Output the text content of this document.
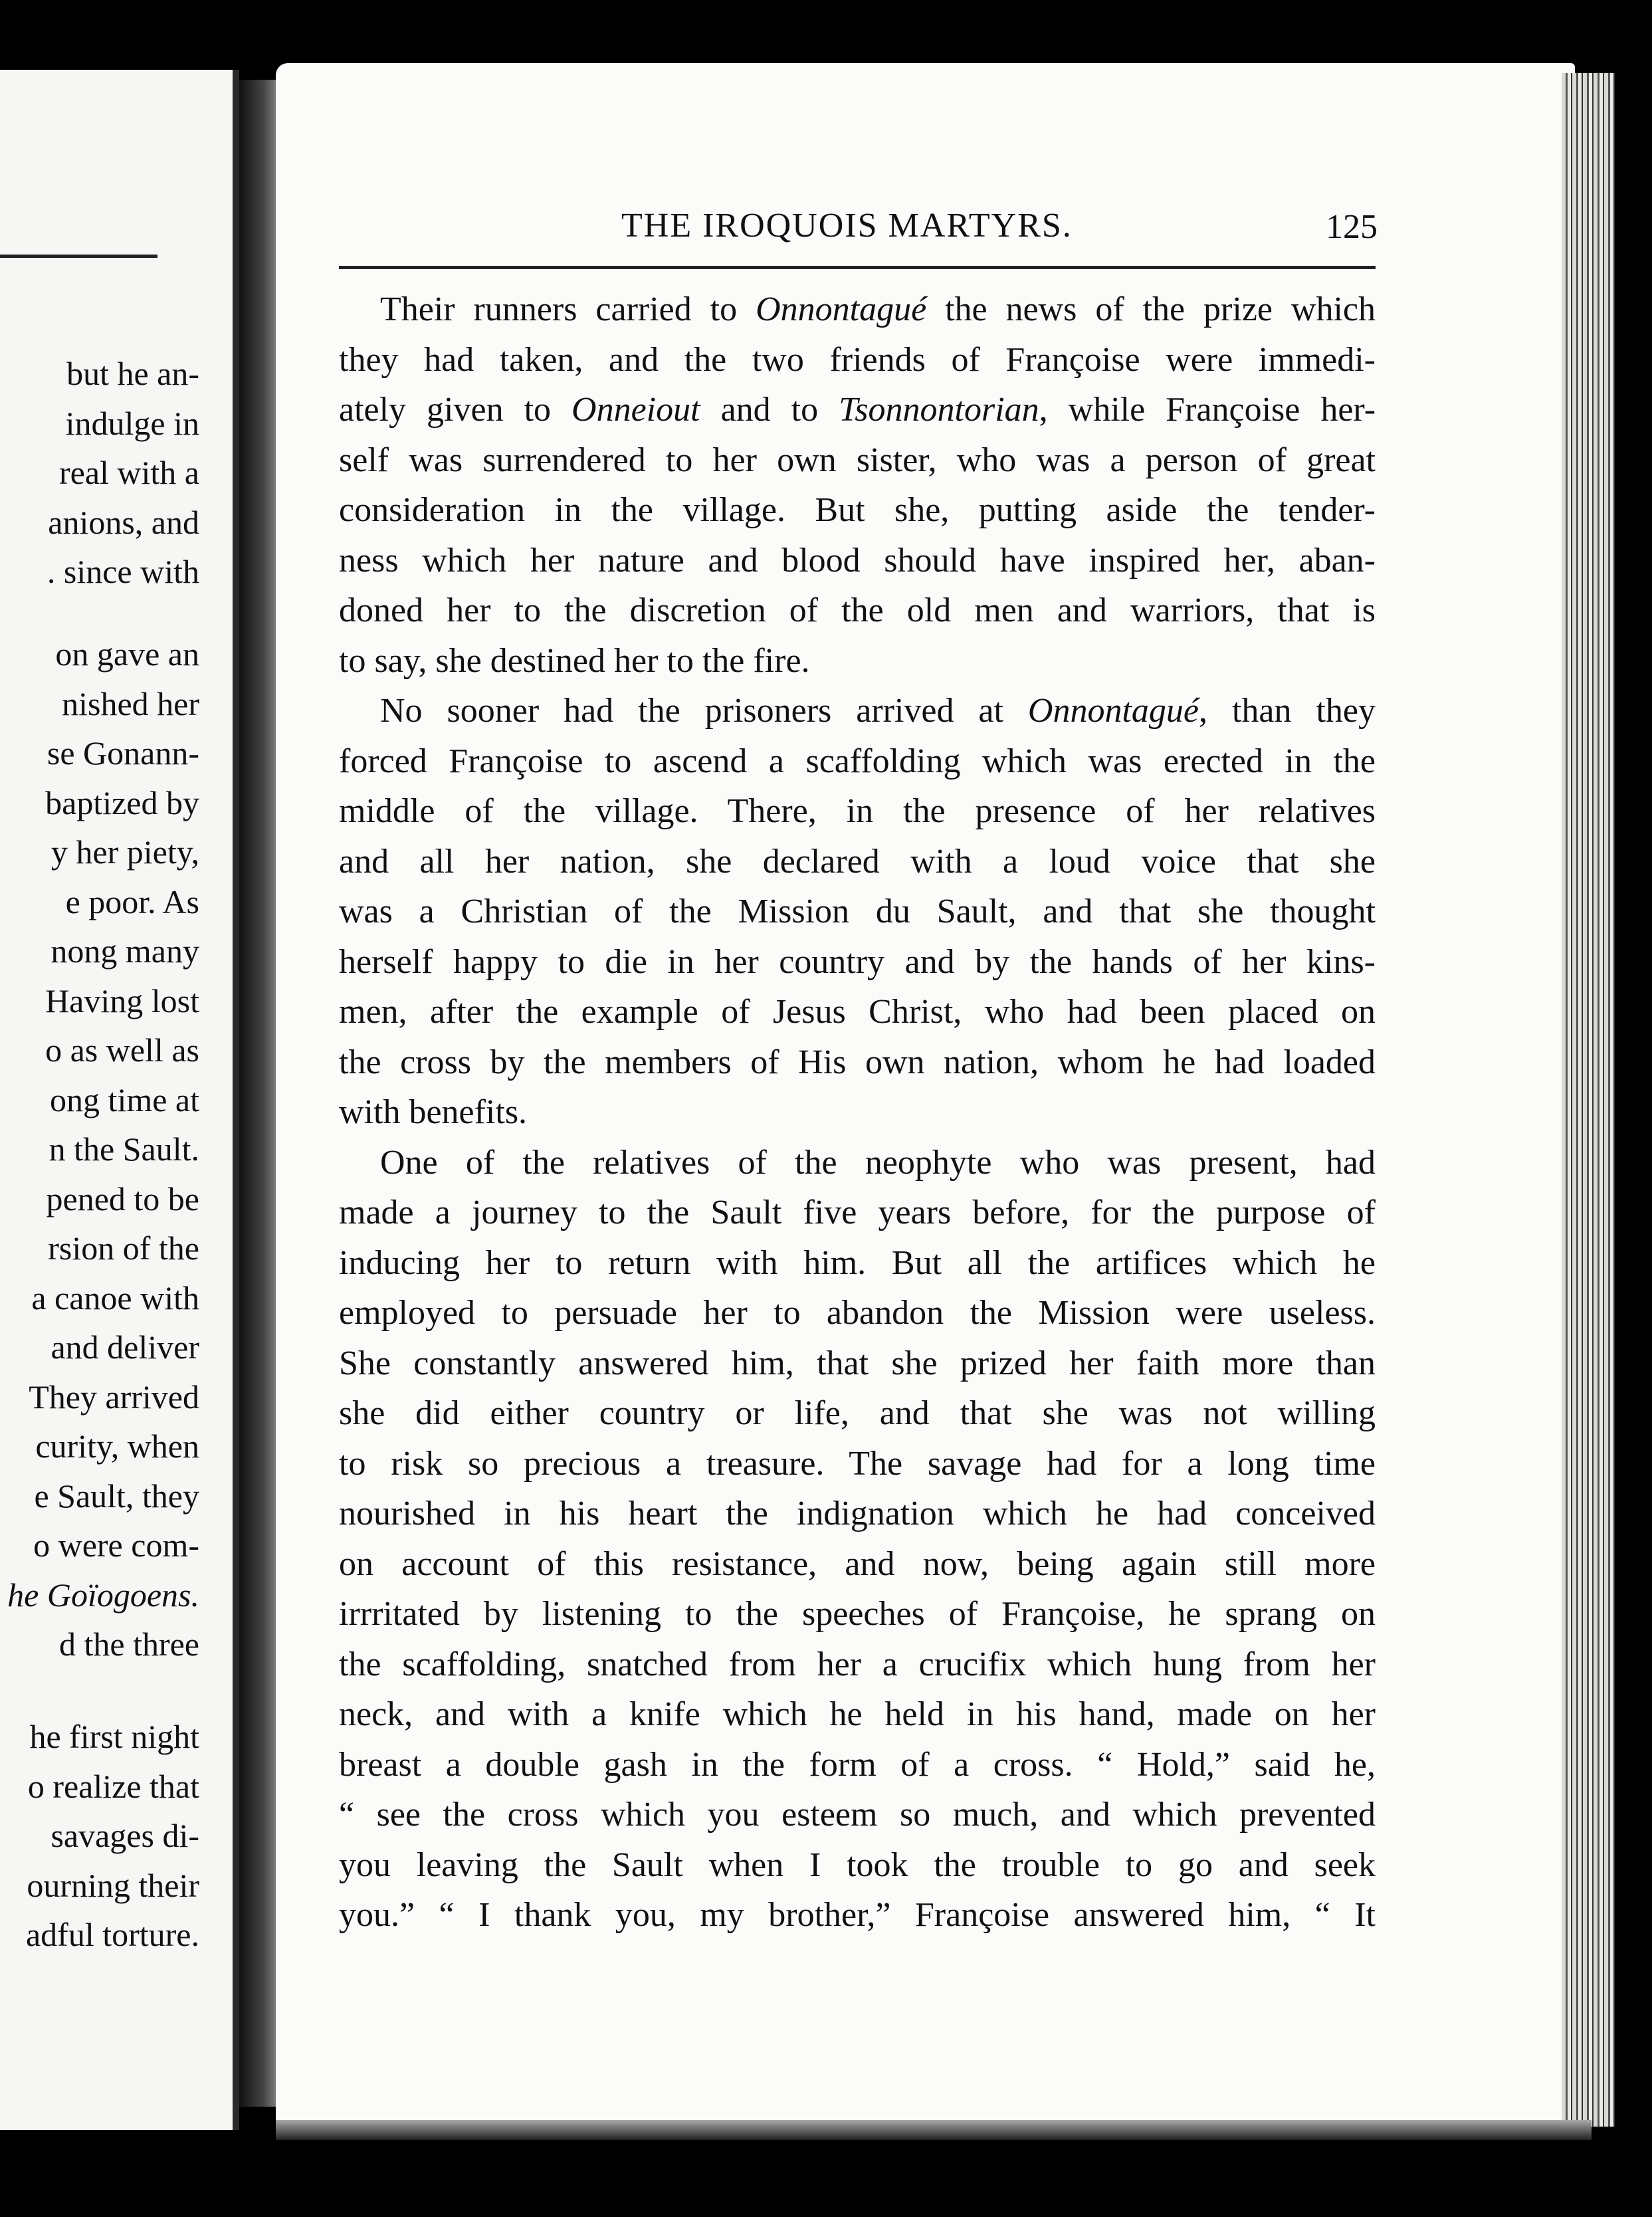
but he an-
indulge in
real with a
anions, and
. since with
on gave an
nished her
se Gonann-
baptized by
y her piety,
e poor. As
nong many
Having lost
o as well as
ong time at
n the Sault.
pened to be
rsion of the
a canoe with
and deliver
They arrived
curity, when
e Sault, they
o were com-
he Goïogoens.
d the three
he first night
o realize that
savages di-
ourning their
adful torture.
THE IROQUOIS MARTYRS.	125
Their runners carried to Onnontagué the news of the prize which
they had taken, and the two friends of Françoise were immedi-
ately given to Onneiout and to Tsonnontorian, while Françoise her-
self was surrendered to her own sister, who was a person of great
consideration in the village. But she, putting aside the tender-
ness which her nature and blood should have inspired her, aban-
doned her to the discretion of the old men and warriors, that is
to say, she destined her to the fire.
No sooner had the prisoners arrived at Onnontagué, than they
forced Françoise to ascend a scaffolding which was erected in the
middle of the village. There, in the presence of her relatives
and all her nation, she declared with a loud voice that she
was a Christian of the Mission du Sault, and that she thought
herself happy to die in her country and by the hands of her kins-
men, after the example of Jesus Christ, who had been placed on
the cross by the members of His own nation, whom he had loaded
with benefits.
One of the relatives of the neophyte who was present, had
made a journey to the Sault five years before, for the purpose of
inducing her to return with him. But all the artifices which he
employed to persuade her to abandon the Mission were useless.
She constantly answered him, that she prized her faith more than
she did either country or life, and that she was not willing
to risk so precious a treasure. The savage had for a long time
nourished in his heart the indignation which he had conceived
on account of this resistance, and now, being again still more
irrritated by listening to the speeches of Françoise, he sprang on
the scaffolding, snatched from her a crucifix which hung from her
neck, and with a knife which he held in his hand, made on her
breast a double gash in the form of a cross. “ Hold,” said he,
“ see the cross which you esteem so much, and which prevented
you leaving the Sault when I took the trouble to go and seek
you.” “ I thank you, my brother,” Françoise answered him, “ It
